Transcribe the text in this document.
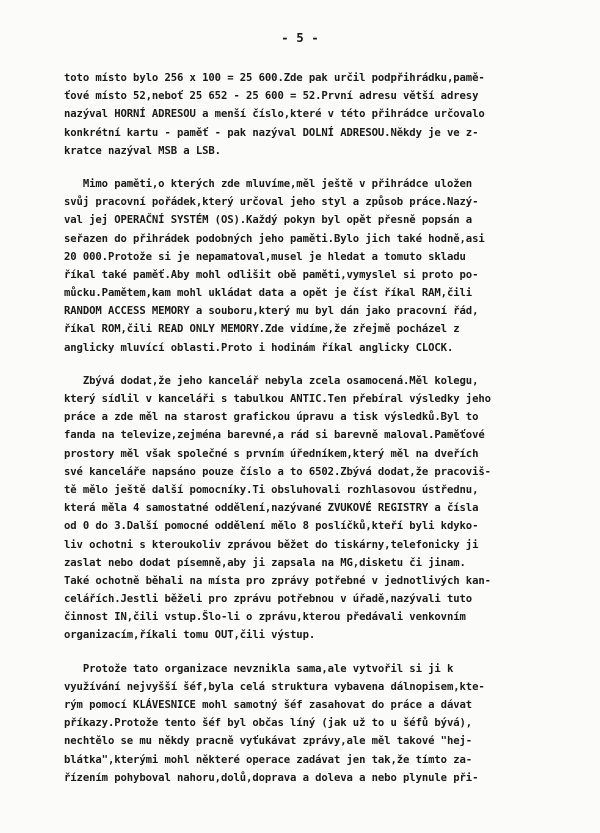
- 5 -
toto místo bylo 256 x 100 = 25 600.Zde pak určil podpřihrádku,pamě-
ťové místo 52,neboť 25 652 - 25 600 = 52.První adresu větší adresy
nazýval HORNÍ ADRESOU a menší číslo,které v této přihrádce určovalo
konkrétní kartu - paměť - pak nazýval DOLNÍ ADRESOU.Někdy je ve z-
kratce nazýval MSB a LSB.
Mimo paměti,o kterých zde mluvíme,měl ještě v přihrádce uložen
svůj pracovní pořádek,který určoval jeho styl a způsob práce.Nazý-
val jej OPERAČNÍ SYSTÉM (OS).Každý pokyn byl opět přesně popsán a
seřazen do přihrádek podobných jeho paměti.Bylo jich také hodně,asi
20 000.Protože si je nepamatoval,musel je hledat a tomuto skladu
říkal také paměť.Aby mohl odlišit obě paměti,vymyslel si proto po-
můcku.Pamětem,kam mohl ukládat data a opět je číst říkal RAM,čili
RANDOM ACCESS MEMORY a souboru,který mu byl dán jako pracovní řád,
říkal ROM,čili READ ONLY MEMORY.Zde vidíme,že zřejmě pocházel z
anglicky mluvící oblasti.Proto i hodinám říkal anglicky CLOCK.
Zbývá dodat,že jeho kancelář nebyla zcela osamocená.Měl kolegu,
který sídlil v kanceláři s tabulkou ANTIC.Ten přebíral výsledky jeho
práce a zde měl na starost grafickou úpravu a tisk výsledků.Byl to
fanda na televize,zejména barevné,a rád si barevně maloval.Paměťové
prostory měl však společné s prvním úředníkem,který měl na dveřích
své kanceláře napsáno pouze číslo a to 6502.Zbývá dodat,že pracoviš-
tě mělo ještě další pomocníky.Ti obsluhovali rozhlasovou ústřednu,
která měla 4 samostatné oddělení,nazývané ZVUKOVÉ REGISTRY a čísla
od 0 do 3.Další pomocné oddělení mělo 8 poslíčků,kteří byli kdyko-
liv ochotni s kteroukoliv zprávou běžet do tiskárny,telefonicky ji
zaslat nebo dodat písemně,aby ji zapsala na MG,disketu či jinam.
Také ochotně běhali na místa pro zprávy potřebné v jednotlivých kan-
celářích.Jestli běželi pro zprávu potřebnou v úřadě,nazývali tuto
činnost IN,čili vstup.Šlo-li o zprávu,kterou předávali venkovním
organizacím,říkali tomu OUT,čili výstup.
Protože tato organizace nevznikla sama,ale vytvořil si ji k
využívání nejvyšší šéf,byla celá struktura vybavena dálnopisem,kte-
rým pomocí KLÁVESNICE mohl samotný šéf zasahovat do práce a dávat
příkazy.Protože tento šéf byl občas líný (jak už to u šéfů bývá),
nechtělo se mu někdy pracně vyťukávat zprávy,ale měl takové "hej-
blátka",kterými mohl některé operace zadávat jen tak,že tímto za-
řízením pohyboval nahoru,dolů,doprava a doleva a nebo plynule při-
